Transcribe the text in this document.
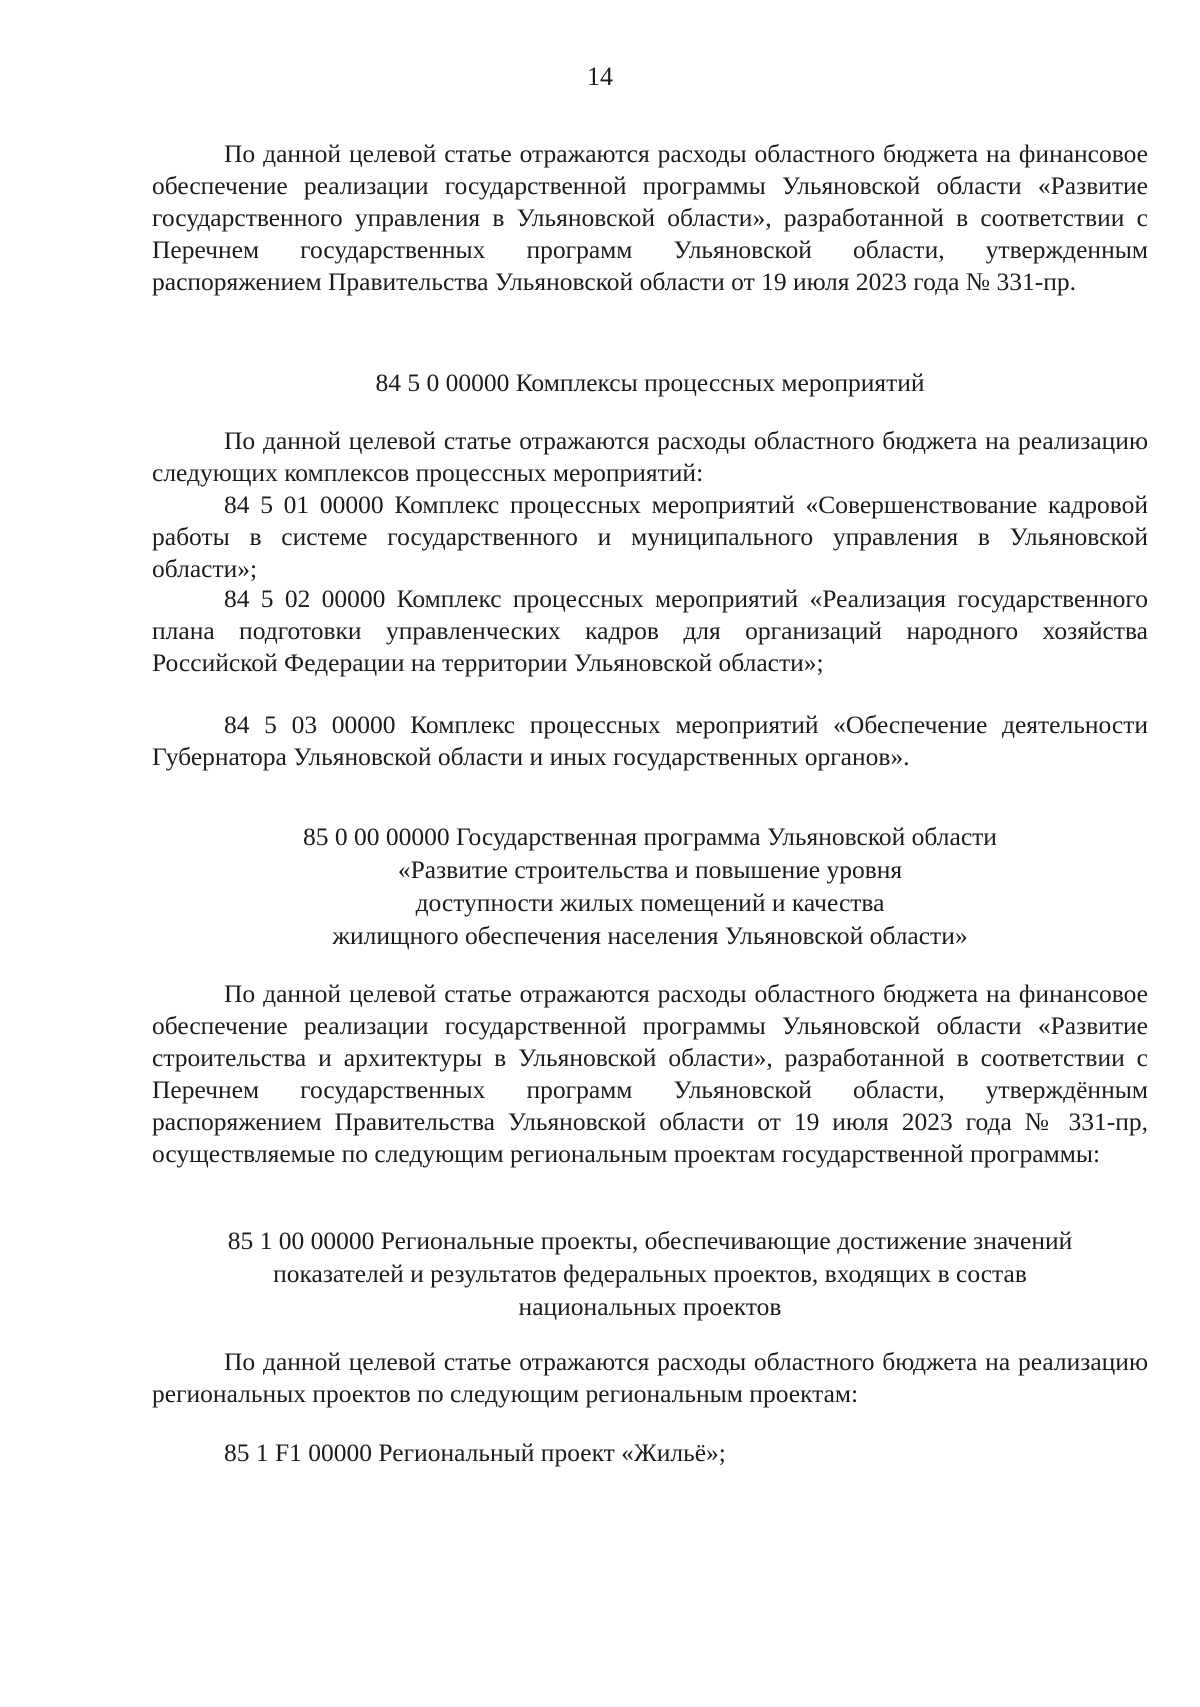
14

По данной целевой статье отражаются расходы областного бюджета на финансовое обеспечение реализации государственной программы Ульяновской области «Развитие государственного управления в Ульяновской области», разработанной в соответствии с Перечнем государственных программ Ульяновской области, утвержденным распоряжением Правительства Ульяновской области от 19 июля 2023 года № 331-пр.

84 5 0 00000 Комплексы процессных мероприятий

По данной целевой статье отражаются расходы областного бюджета на реализацию следующих комплексов процессных мероприятий:

84 5 01 00000 Комплекс процессных мероприятий «Совершенствование кадровой работы в системе государственного и муниципального управления в Ульяновской области»;

84 5 02 00000 Комплекс процессных мероприятий «Реализация государственного плана подготовки управленческих кадров для организаций народного хозяйства Российской Федерации на территории Ульяновской области»;

84 5 03 00000 Комплекс процессных мероприятий «Обеспечение деятельности Губернатора Ульяновской области и иных государственных органов».

85 0 00 00000 Государственная программа Ульяновской области
«Развитие строительства и повышение уровня
доступности жилых помещений и качества
жилищного обеспечения населения Ульяновской области»

По данной целевой статье отражаются расходы областного бюджета на финансовое обеспечение реализации государственной программы Ульяновской области «Развитие строительства и архитектуры в Ульяновской области», разработанной в соответствии с Перечнем государственных программ Ульяновской области, утверждённым распоряжением Правительства Ульяновской области от 19 июля 2023 года № 331-пр, осуществляемые по следующим региональным проектам государственной программы:

85 1 00 00000 Региональные проекты, обеспечивающие достижение значений
показателей и результатов федеральных проектов, входящих в состав
национальных проектов

По данной целевой статье отражаются расходы областного бюджета на реализацию региональных проектов по следующим региональным проектам:

85 1 F1 00000 Региональный проект «Жильё»;
